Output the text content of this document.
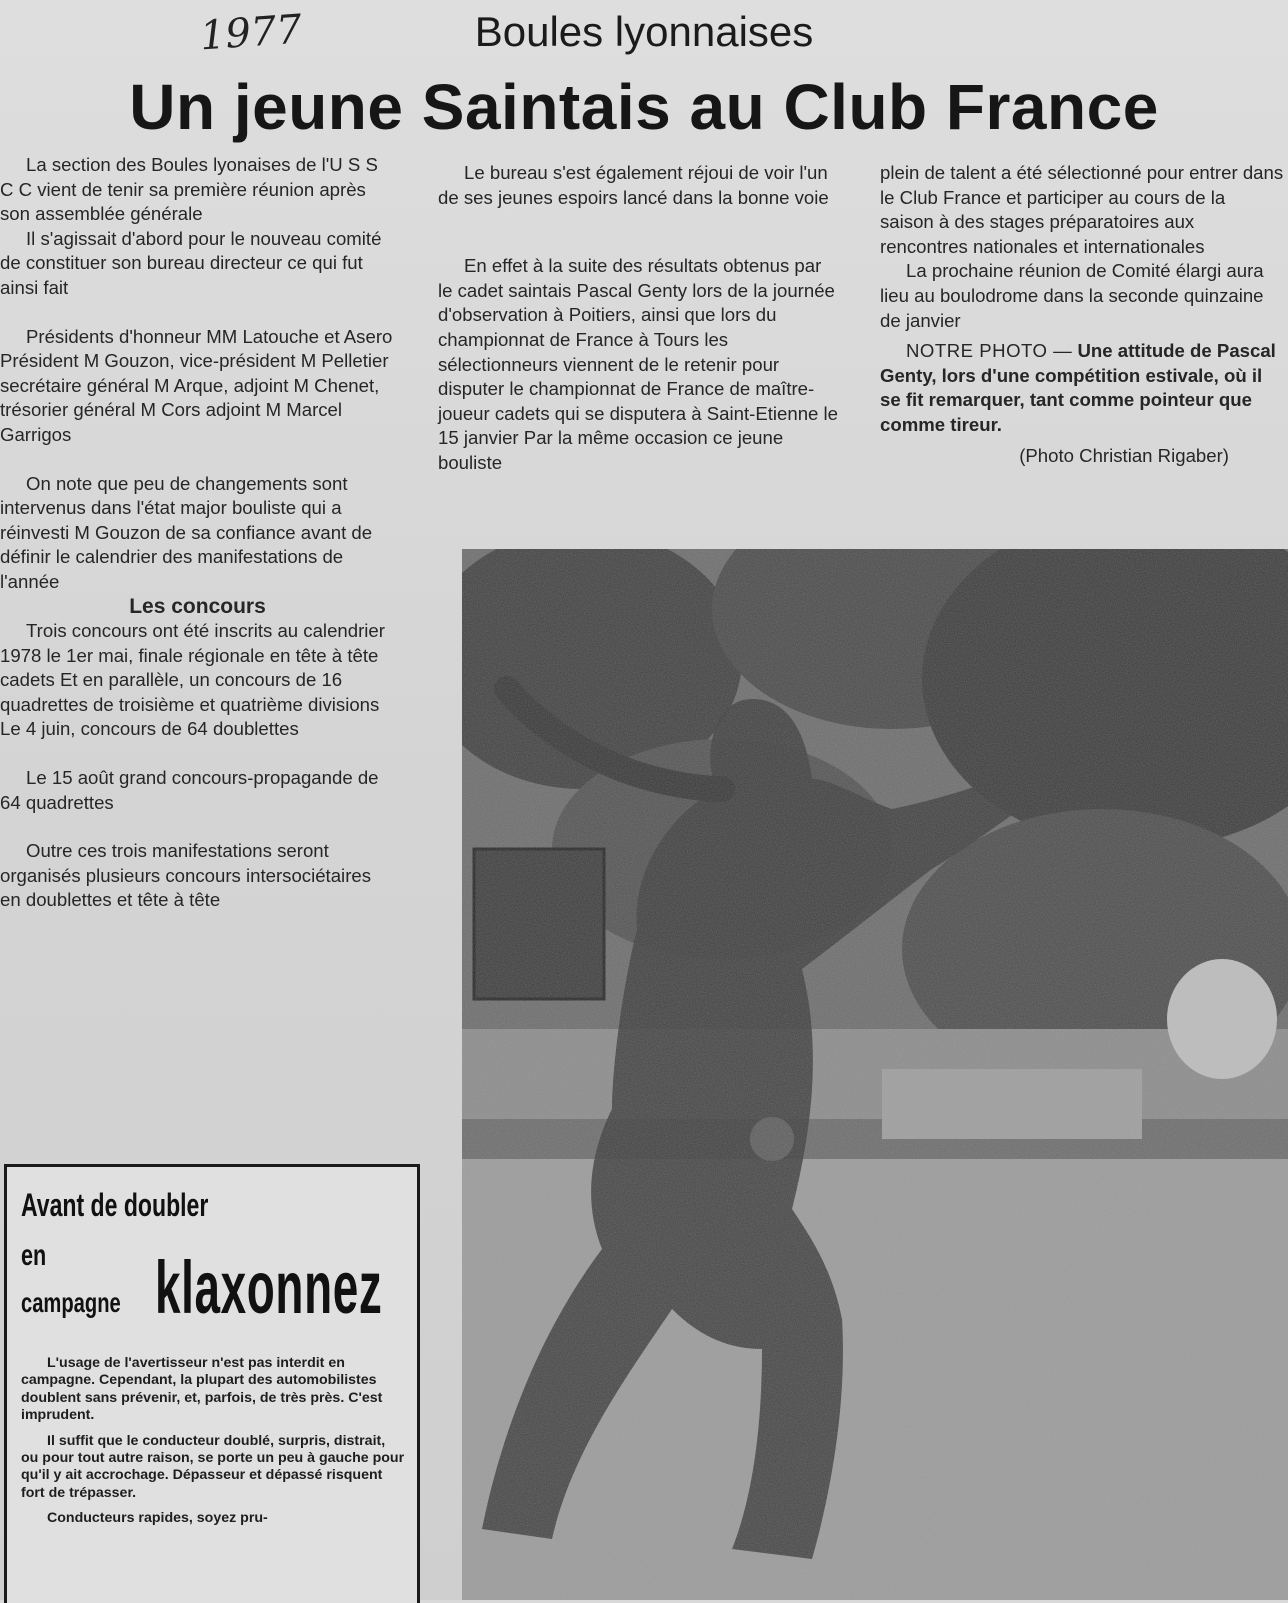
1977	Boules lyonnaises
Un jeune Saintais au Club France

La section des Boules lyonaises de l'U S S C C vient de tenir sa première réunion après son assemblée générale

Il s'agissait d'abord pour le nouveau comité de constituer son bureau directeur ce qui fut ainsi fait

Présidents d'honneur MM Latouche et Asero Président M Gouzon, vice-président M Pelletier secrétaire général M Arque, adjoint M Chenet, trésorier général M Cors adjoint M Marcel Garrigos

On note que peu de changements sont intervenus dans l'état major bouliste qui a réinvesti M Gouzon de sa confiance avant de définir le calendrier des manifestations de l'année

Les concours

Trois concours ont été inscrits au calendrier 1978 le 1er mai, finale régionale en tête à tête cadets Et en parallèle, un concours de 16 quadrettes de troisième et quatrième divisions Le 4 juin, concours de 64 doublettes

Le 15 août grand concours-propagande de 64 quadrettes

Outre ces trois manifestations seront organisés plusieurs concours intersociétaires en doublettes et tête à tête

Le bureau s'est également réjoui de voir l'un de ses jeunes espoirs lancé dans la bonne voie

En effet à la suite des résultats obtenus par le cadet saintais Pascal Genty lors de la journée d'observation à Poitiers, ainsi que lors du championnat de France à Tours les sélectionneurs viennent de le retenir pour disputer le championnat de France de maître-joueur cadets qui se disputera à Saint-Etienne le 15 janvier Par la même occasion ce jeune bouliste

plein de talent a été sélectionné pour entrer dans le Club France et participer au cours de la saison à des stages préparatoires aux rencontres nationales et internationales

La prochaine réunion de Comité élargi aura lieu au boulodrome dans la seconde quinzaine de janvier

NOTRE PHOTO — Une attitude de Pascal Genty, lors d'une compétition estivale, où il se fit remarquer, tant comme pointeur que comme tireur.

(Photo Christian Rigaber)

Avant de doubler
en
campagne klaxonnez

L'usage de l'avertisseur n'est pas interdit en campagne. Cependant, la plupart des automobilistes doublent sans prévenir, et, parfois, de très près. C'est imprudent.

Il suffit que le conducteur doublé, surpris, distrait, ou pour tout autre raison, se porte un peu à gauche pour qu'il y ait accrochage. Dépasseur et dépassé risquent fort de trépasser.

Conducteurs rapides, soyez pru-
